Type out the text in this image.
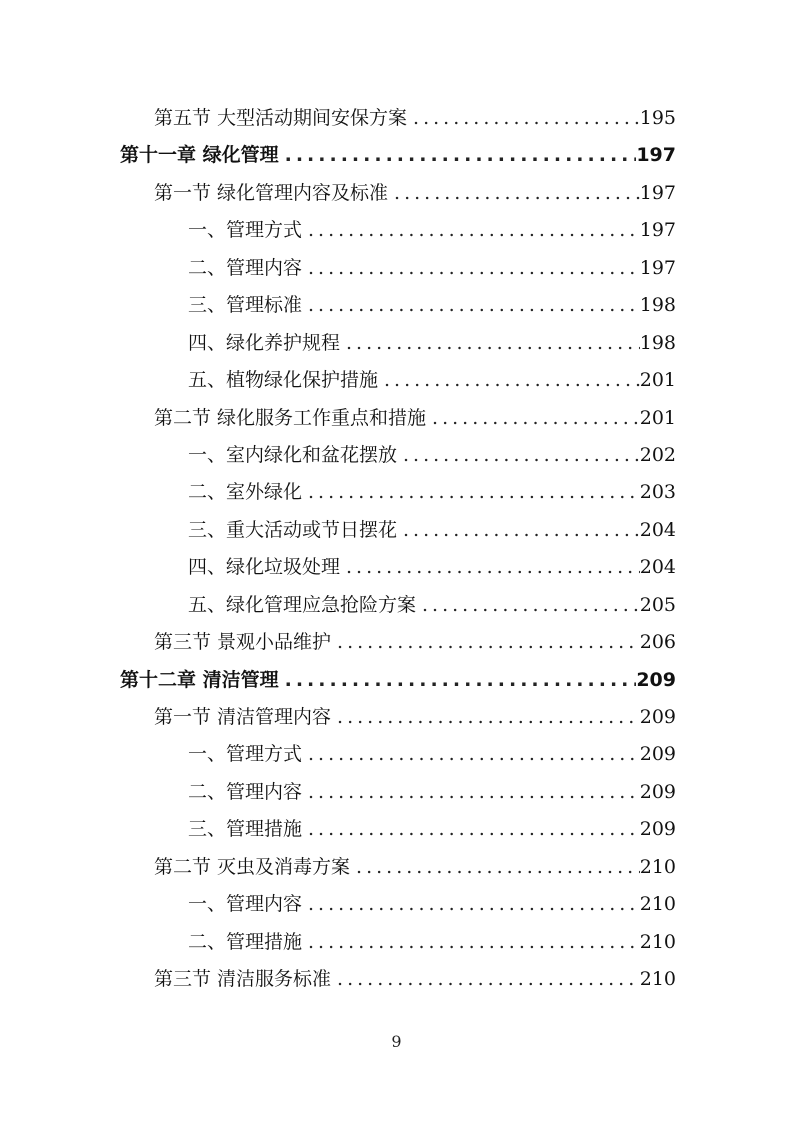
第五节 大型活动期间安保方案 .....	195
第十一章 绿化管理 .....	197
第一节 绿化管理内容及标准 .....	197
一、管理方式 .....	197
二、管理内容 .....	197
三、管理标准 .....	198
四、绿化养护规程 .....	198
五、植物绿化保护措施 .....	201
第二节 绿化服务工作重点和措施 .....	201
一、室内绿化和盆花摆放 .....	202
二、室外绿化 .....	203
三、重大活动或节日摆花 .....	204
四、绿化垃圾处理 .....	204
五、绿化管理应急抢险方案 .....	205
第三节 景观小品维护 .....	206
第十二章 清洁管理 .....	209
第一节 清洁管理内容 .....	209
一、管理方式 .....	209
二、管理内容 .....	209
三、管理措施 .....	209
第二节 灭虫及消毒方案 .....	210
一、管理内容 .....	210
二、管理措施 .....	210
第三节 清洁服务标准 .....	210
9
